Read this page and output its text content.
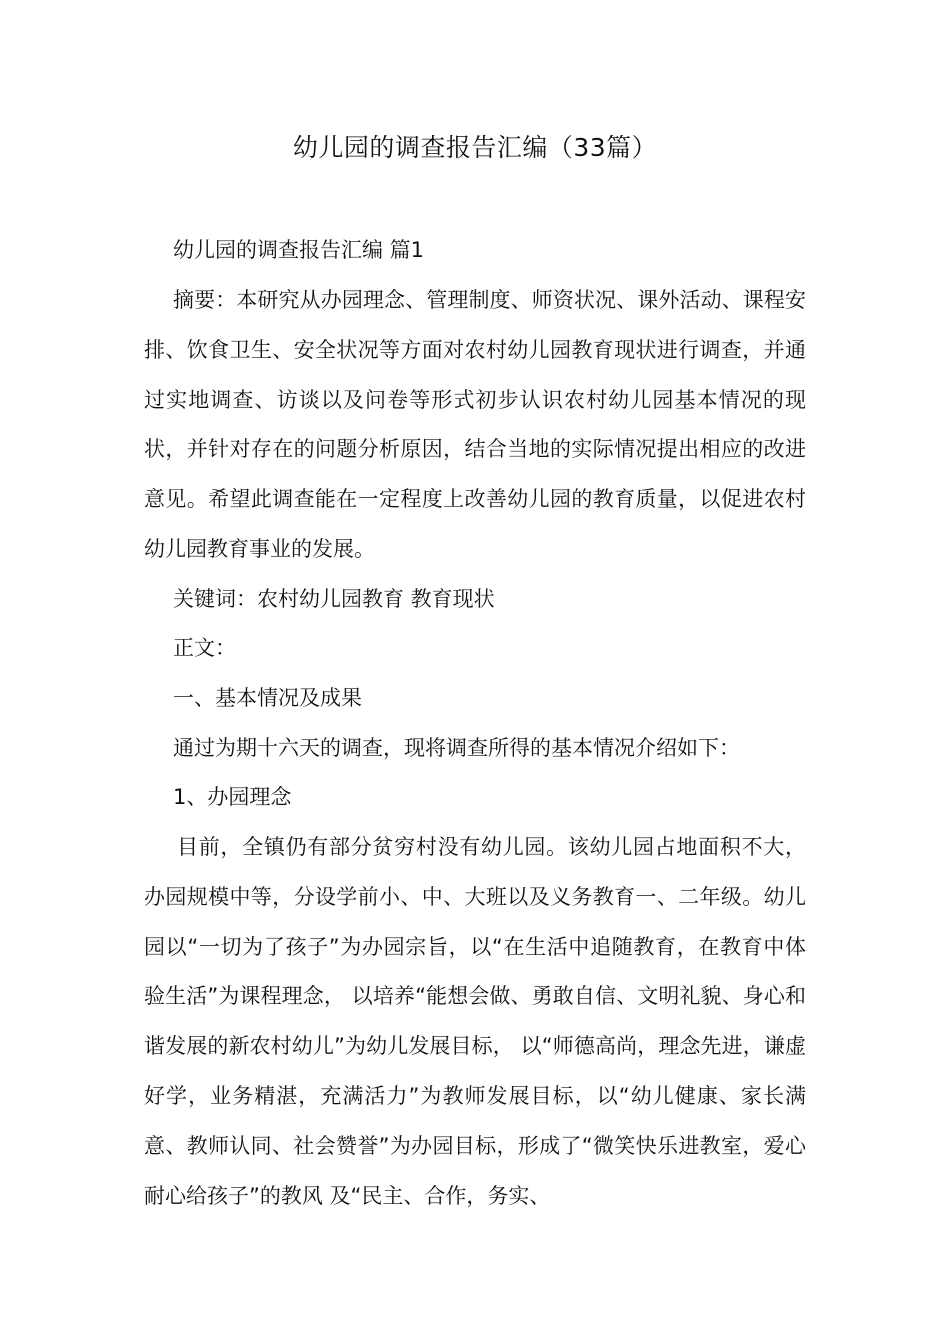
幼儿园的调查报告汇编（33篇）

幼儿园的调查报告汇编 篇1

摘要：本研究从办园理念、管理制度、师资状况、课外活动、课程安排、饮食卫生、安全状况等方面对农村幼儿园教育现状进行调查，并通过实地调查、访谈以及问卷等形式初步认识农村幼儿园基本情况的现状，并针对存在的问题分析原因，结合当地的实际情况提出相应的改进意见。希望此调查能在一定程度上改善幼儿园的教育质量，以促进农村幼儿园教育事业的发展。

关键词：农村幼儿园教育 教育现状

正文：

一、基本情况及成果

通过为期十六天的调查，现将调查所得的基本情况介绍如下：

1、办园理念

目前，全镇仍有部分贫穷村没有幼儿园。该幼儿园占地面积不大，办园规模中等，分设学前小、中、大班以及义务教育一、二年级。幼儿园以“一切为了孩子”为办园宗旨，以“在生活中追随教育，在教育中体验生活”为课程理念， 以培养“能想会做、勇敢自信、文明礼貌、身心和谐发展的新农村幼儿”为幼儿发展目标， 以“师德高尚，理念先进，谦虚好学，业务精湛，充满活力”为教师发展目标，以“幼儿健康、家长满意、教师认同、社会赞誉”为办园目标，形成了“微笑快乐进教室，爱心耐心给孩子”的教风 及“民主、合作，务实、
